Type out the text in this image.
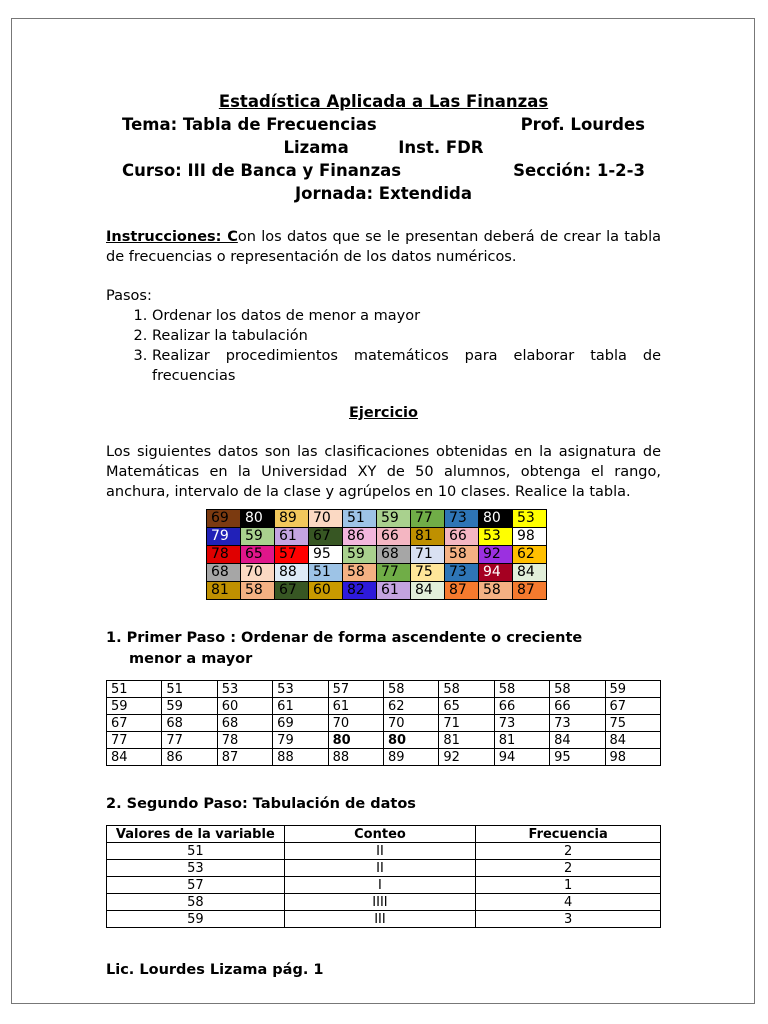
Estadística Aplicada a Las Finanzas
Tema: Tabla de Frecuencias	Prof. Lourdes
Lizama	Inst. FDR
Curso: III de Banca y Finanzas	Sección: 1-2-3
Jornada: Extendida
Instrucciones: Con los datos que se le presentan deberá de crear la tabla de frecuencias o representación de los datos numéricos.
Pasos:
1. Ordenar los datos de menor a mayor
2. Realizar la tabulación
3. Realizar procedimientos matemáticos para elaborar tabla de frecuencias
Ejercicio
Los siguientes datos son las clasificaciones obtenidas en la asignatura de Matemáticas en la Universidad XY de 50 alumnos, obtenga el rango, anchura, intervalo de la clase y agrúpelos en 10 clases. Realice la tabla.
69	80	89	70	51	59	77	73	80	53
79	59	61	67	86	66	81	66	53	98
78	65	57	95	59	68	71	58	92	62
68	70	88	51	58	77	75	73	94	84
81	58	67	60	82	61	84	87	58	87
1. Primer Paso : Ordenar de forma ascendente o creciente
menor a mayor
51	51	53	53	57	58	58	58	58	59
59	59	60	61	61	62	65	66	66	67
67	68	68	69	70	70	71	73	73	75
77	77	78	79	80	80	81	81	84	84
84	86	87	88	88	89	92	94	95	98
2. Segundo Paso: Tabulación de datos
Valores de la variable	Conteo	Frecuencia
51	II	2
53	II	2
57	I	1
58	IIII	4
59	III	3
Lic. Lourdes Lizama pág. 1
